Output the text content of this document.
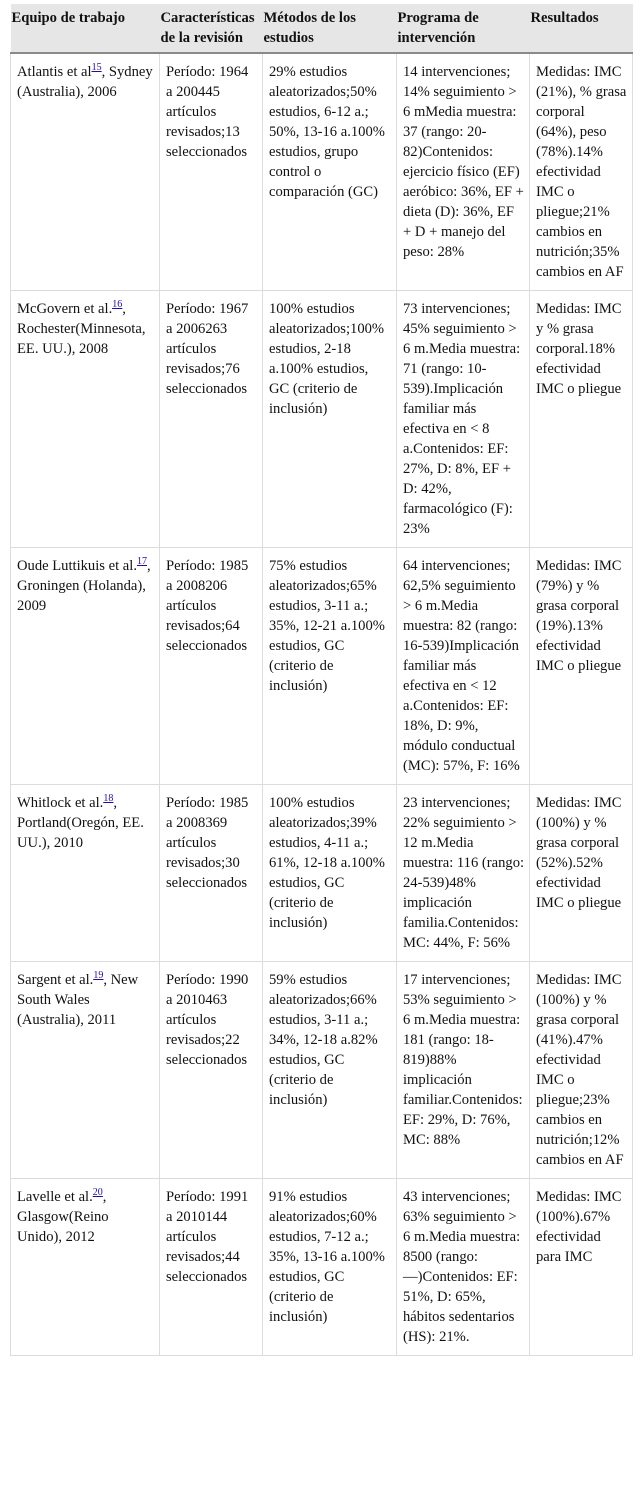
Equipo de trabajo	Características de la revisión	Métodos de los estudios	Programa de intervención	Resultados
Atlantis et al$^{15}$, Sydney (Australia), 2006	Período: 1964 a 200445 artículos revisados;13 seleccionados	29% estudios aleatorizados;50% estudios, 6-12 a.; 50%, 13-16 a.100% estudios, grupo control o comparación (GC)	14 intervenciones; 14% seguimiento > 6 mMedia muestra: 37 (rango: 20-82)Contenidos: ejercicio físico (EF) aeróbico: 36%, EF + dieta (D): 36%, EF + D + manejo del peso: 28%	Medidas: IMC (21%), % grasa corporal (64%), peso (78%).14% efectividad IMC o pliegue;21% cambios en nutrición;35% cambios en AF
McGovern et al.$^{16}$, Rochester(Minnesota, EE. UU.), 2008	Período: 1967 a 2006263 artículos revisados;76 seleccionados	100% estudios aleatorizados;100% estudios, 2-18 a.100% estudios, GC (criterio de inclusión)	73 intervenciones; 45% seguimiento > 6 m.Media muestra: 71 (rango: 10-539).Implicación familiar más efectiva en < 8 a.Contenidos: EF: 27%, D: 8%, EF + D: 42%, farmacológico (F): 23%	Medidas: IMC y % grasa corporal.18% efectividad IMC o pliegue
Oude Luttikuis et al.$^{17}$, Groningen (Holanda), 2009	Período: 1985 a 2008206 artículos revisados;64 seleccionados	75% estudios aleatorizados;65% estudios, 3-11 a.; 35%, 12-21 a.100% estudios, GC (criterio de inclusión)	64 intervenciones; 62,5% seguimiento > 6 m.Media muestra: 82 (rango: 16-539)Implicación familiar más efectiva en < 12 a.Contenidos: EF: 18%, D: 9%, módulo conductual (MC): 57%, F: 16%	Medidas: IMC (79%) y % grasa corporal (19%).13% efectividad IMC o pliegue
Whitlock et al.$^{18}$, Portland(Oregón, EE. UU.), 2010	Período: 1985 a 2008369 artículos revisados;30 seleccionados	100% estudios aleatorizados;39% estudios, 4-11 a.; 61%, 12-18 a.100% estudios, GC (criterio de inclusión)	23 intervenciones; 22% seguimiento > 12 m.Media muestra: 116 (rango: 24-539)48% implicación familia.Contenidos: MC: 44%, F: 56%	Medidas: IMC (100%) y % grasa corporal (52%).52% efectividad IMC o pliegue
Sargent et al.$^{19}$, New South Wales (Australia), 2011	Período: 1990 a 2010463 artículos revisados;22 seleccionados	59% estudios aleatorizados;66% estudios, 3-11 a.; 34%, 12-18 a.82% estudios, GC (criterio de inclusión)	17 intervenciones; 53% seguimiento > 6 m.Media muestra: 181 (rango: 18-819)88% implicación familiar.Contenidos: EF: 29%, D: 76%, MC: 88%	Medidas: IMC (100%) y % grasa corporal (41%).47% efectividad IMC o pliegue;23% cambios en nutrición;12% cambios en AF
Lavelle et al.$^{20}$, Glasgow(Reino Unido), 2012	Período: 1991 a 2010144 artículos revisados;44 seleccionados	91% estudios aleatorizados;60% estudios, 7-12 a.; 35%, 13-16 a.100% estudios, GC (criterio de inclusión)	43 intervenciones; 63% seguimiento > 6 m.Media muestra: 8500 (rango: —)Contenidos: EF: 51%, D: 65%, hábitos sedentarios (HS): 21%.	Medidas: IMC (100%).67% efectividad para IMC
